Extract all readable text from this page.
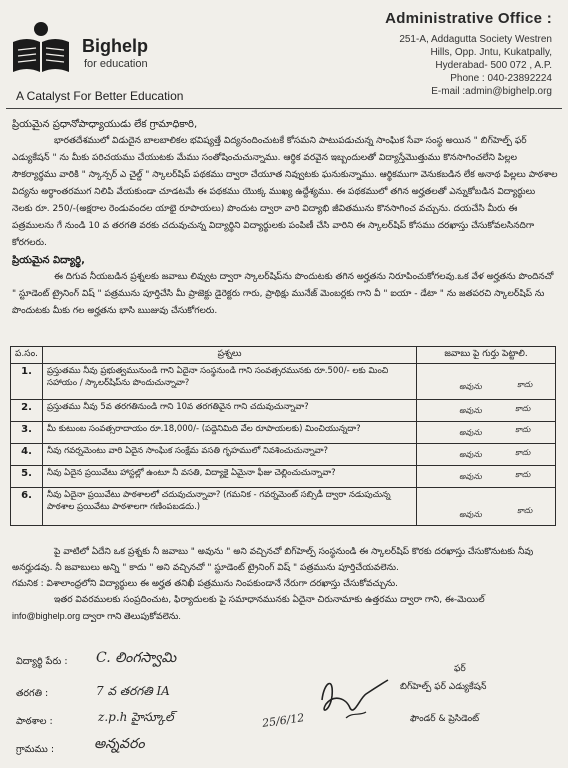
Bighelp
for education
A Catalyst For Better Education
Administrative Office :
251-A, Addagutta Society Westren
Hills, Opp. Jntu, Kukatpally,
Hyderabad- 500 072 , A.P.
Phone : 040-23892224
E-mail :admin@bighelp.org
ప్రియమైన ప్రధానోపాధ్యాయుడు లేక గ్రామాధికారి,
భారతదేశములో విడుదైన బాలబాలికల భవిష్యత్తే విద్యనందించుటకే కోసమని పాటుపడుచున్న సాంఘిక సేవా సంస్థ అయిన " బిగ్‌హెల్ప్ ఫర్ ఎడ్యుకేషన్ " ను మీకు పరిచయము చేయుటకు మేము సంతోషించుచున్నాము. ఆర్థిక వరవైన ఇబ్బందులతో విద్యాస్తేమొత్తుము కొనసాగించలేని పిల్లల సౌకర్యార్థము వారికి " స్కాన్సర్ ఎ చైల్డ్ " స్కాలర్‌షిప్ పథకము ద్వారా చేయూత నివ్వుటకు ఘనుకున్నాము. ఆర్థికముగా వెనుకబడిన లేక అనాథ పిల్లలు పాఠశాల విద్యను అర్థాంతరముగ నిలిపి వేయకుండా చూడటమే ఈ పథకము యొక్క ముఖ్య ఉద్దేశ్యము. ఈ పథకములో తగిన అర్హతలతో ఎన్నుకోబడిన విద్యార్థులు నెలకు రూ. 250/-(అక్షరాల రెండువందల యాభై రూపాయలు) పొందుట ద్వారా వారి విద్యాభి జీవితమును కొనసాగించ వచ్చును. దయచేసి మీరు ఈ పత్రములను గే నుండి 10 వ తరగతి వరకు చదువుచున్న విద్యార్థిని విద్యార్థులకు పంపిణీ చేసి వారిని ఈ స్కాలర్‌షిప్ కోసము దరఖాస్తు చేసుకోవలసినదిగా కోరగలరు.
ప్రియమైన విద్యార్థి,
ఈ దిగువ నీయబడిన ప్రశ్నలకు జవాబు లివ్వుట ద్వారా స్కాలర్‌షిప్‌ను పొందుటకు తగిన అర్హతను నిరూపించుకోగలవు.ఒక వేళ అర్హతను పొందినచో " స్టూడెంట్ ట్రైనింగ్ విష్ " పత్రమును పూర్తిచేసి మీ ప్రాజెక్టు డైరెక్టరు గారు, ప్రాథిక్షు మునేజ్ మెంబర్లకు గాని వీ " ఐయా - డేటా " ను జతపరచి స్కాలర్‌షిప్ ను పొందుటకు మీకు గల అర్హతను భాసి ఋజువు చేసుకోగలరు.
ప.సం.	ప్రశ్నలు	జవాబు పై గుర్తు పెట్టాలి.
1.	ప్రస్తుతము నీవు ప్రభుత్వమునుండి గాని ఏదైనా సంస్థనుండి గాని సంవత్సరమునకు రూ.500/- లకు మించి సహాయం / స్కాలర్‌షిప్‌ను పొందుచున్నావా?	అవును కాదు

2.	ప్రస్తుతము నీవు 5వ తరగతినుండి గాని 10వ తరగతివైన గాని చదువుచున్నావా?	అవును కాదు

3.	మీ కుటుంబ సంవత్సరాదాయం రూ.18,000/- (పద్దెనిమిది వేల రూపాయలకు) మించియున్నదా?	అవును కాదు

4.	నీవు గవర్నమెంటు వారి ఏదైన సాంఘిక సంక్షేమ వసతి గృహములో నివశించుచున్నావా?	అవును కాదు

5.	నీవు ఏదైన ప్రయివేటు హాస్టల్లో ఉంటూ నీ వసతి, విద్యాకై ఏమైనా ఫీజు చెల్లించుచున్నావా?	అవును కాదు

6.	నీవు ఏదైనా ప్రయివేటు పాఠశాలలో చదువుచున్నావా? (గమనిక - గవర్నమెంట్ సబ్సిడీ ద్వారా నడుపుచున్న పాఠశాల ప్రయివేటు పాఠశాలగా గణింపబడదు.)	అవును కాదు
పై వాటిలో ఏదేని ఒక ప్రశ్నకు నీ జవాబు " అవును " అని వచ్చినచో బిగ్‌హెల్ప్ సంస్థనుండి ఈ స్కాలర్‌షిప్ కొరకు దరఖాస్తు చేసుకొనుటకు నీవు అనర్హుడవు. నీ జవాబులు అన్ని " కాదు " అని వచ్చినచో " స్టూడెంట్ ట్రైనింగ్ విష్ " పత్రమును పూర్తిచేయవలెను.
గమనిక : విశాలాంధ్రలోని విద్యార్థులు ఈ అర్హత తనిఖీ పత్రమును నింపకుండానే నేరుగా దరఖాస్తు చేసుకోవచ్చును.
ఇతర వివరములకు సంప్రదించుట, ఫిర్యాదులకు పై సమాధానమునకు ఏదైనా చిరునామాకు ఉత్తరము ద్వారా గాని, ఈ-మెయిల్
info@bighelp.org ద్వారా గాని తెలుపుకోవలెను.
విద్యార్థి పేరు : C. లింగస్వామి
తరగతి :	7 వ తరగతి IA
పాఠశాల :	z.p.h హైస్కూల్
గ్రామము :	అన్నవరం
25/6/12
ఫర్
బిగ్‌హెల్ప్ ఫర్ ఎడ్యుకేషన్
ఫౌండర్ & ప్రెసిడెంట్
